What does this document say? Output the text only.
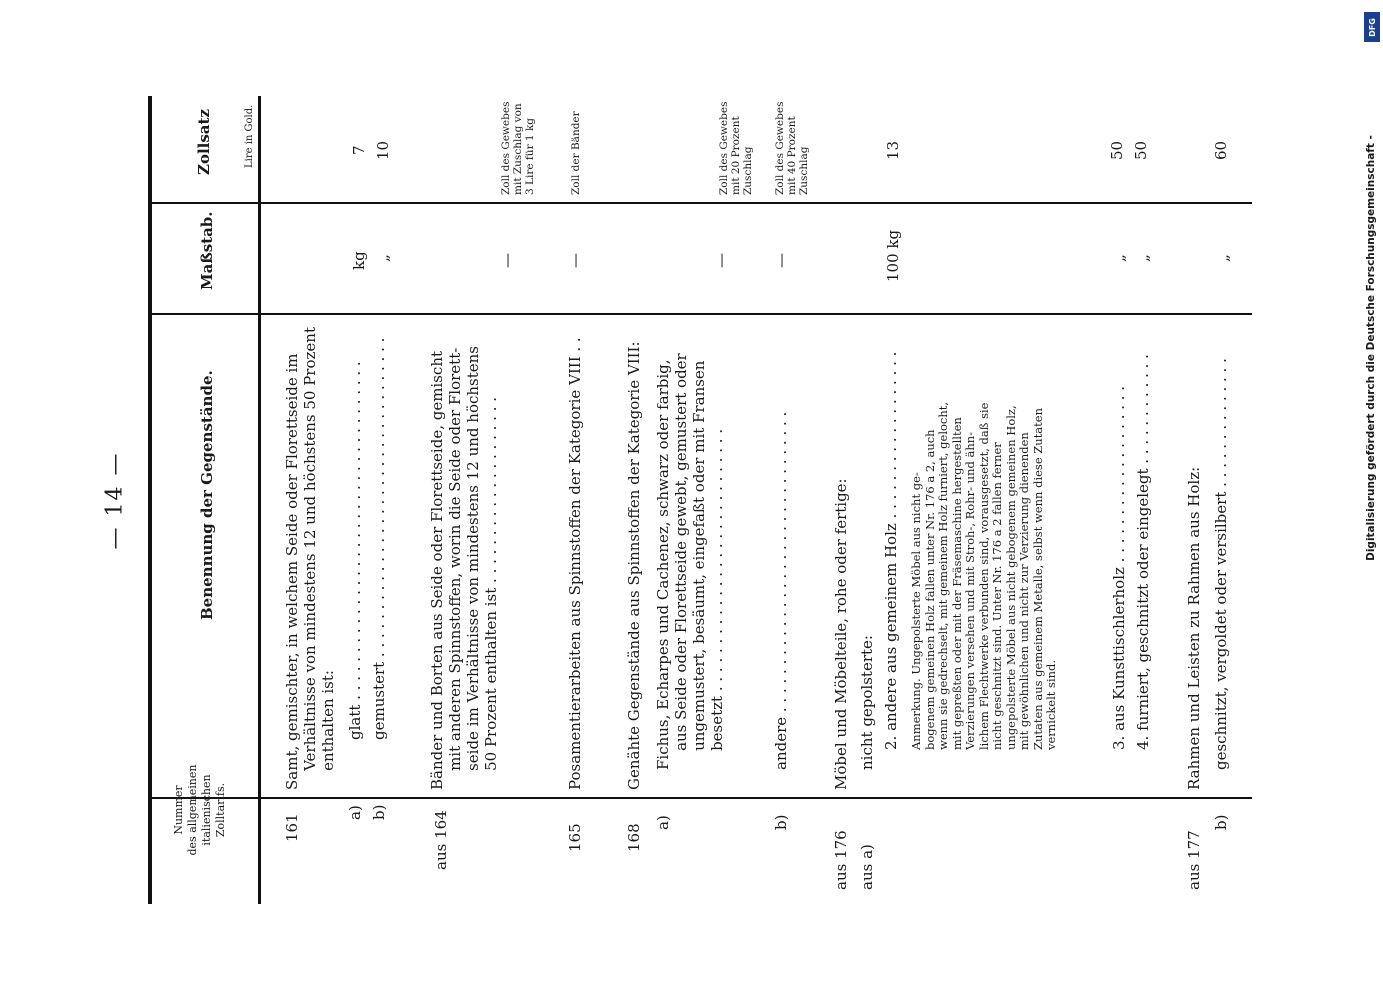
— 14 —
DFG
Digitalisierung gefördert durch die Deutsche Forschungsgemeinschaft -
Nummer
des allgemeinen
italienischen
Zolltarifs.
Benennung der Gegenstände.
Maßstab.
Zollsatz	Lire in Gold.
161
Samt, gemischter, in welchem Seide oder Florettseide im
Verhältnisse von mindestens 12 und höchstens 50 Prozent
enthalten ist:
a)
glatt . . . . . . . . . . . . . . . . . . . . . . . . . . . . . . . . . . . .
kg
7
b)
gemustert . . . . . . . . . . . . . . . . . . . . . . . . . . . . . . . . . .
„
10
aus 164
Bänder und Borten aus Seide oder Florettseide, gemischt
mit anderen Spinnstoffen, worin die Seide oder Florett-
seide im Verhältnisse von mindestens 12 und höchstens
50 Prozent enthalten ist . . . . . . . . . . . . . . . . . . . .
—
Zoll des Gewebes
mit Zuschlag von
3 Lire für 1 kg
165
Posamentierarbeiten aus Spinnstoffen der Kategorie VIII . .
—
Zoll der Bänder
168
Genähte Gegenstände aus Spinnstoffen der Kategorie VIII:
a)
Fichus, Echarpes und Cachenez, schwarz oder farbig,
aus Seide oder Florettseide gewebt, gemustert oder
ungemustert, besäumt, eingefaßt oder mit Fransen
besetzt . . . . . . . . . . . . . . . . . . . . . . . . . . . .
—
Zoll des Gewebes
mit 20 Prozent
Zuschlag
b)
andere . . . . . . . . . . . . . . . . . . . . . . . . . . . . . . . .
—
Zoll des Gewebes
mit 40 Prozent
Zuschlag
aus 176
Möbel und Möbelteile, rohe oder fertige:
aus a)
nicht gepolsterte: 2. andere aus gemeinem Holz . . . . . . . . . . . . . . . . . .
100 kg
13
Anmerkung. Ungepolsterte Möbel aus nicht ge-
bogenem gemeinen Holz fallen unter Nr. 176 a 2, auch
wenn sie gedrechselt, mit gemeinem Holz furniert, gelocht,
mit gepreßten oder mit der Fräsemaschine hergestellten
Verzierungen versehen und mit Stroh-, Rohr- und ähn-
lichem Flechtwerke verbunden sind, vorausgesetzt, daß sie
nicht geschnitzt sind. Unter Nr. 176 a 2 fallen ferner
ungepolsterte Möbel aus nicht gebogenem gemeinen Holz,
mit gewöhnlichen und nicht zur Verzierung dienenden
Zutaten aus gemeinem Metalle, selbst wenn diese Zutaten
vernickelt sind.	3. aus Kunsttischlerholz . . . . . . . . . . . . . . . . . . .
„
50
4. furniert, geschnitzt oder eingelegt . . . . . . . . . . . .
„
50
aus 177
Rahmen und Leisten zu Rahmen aus Holz:
b)
geschnitzt, vergoldet oder versilbert . . . . . . . . . . . . . .
„
60
